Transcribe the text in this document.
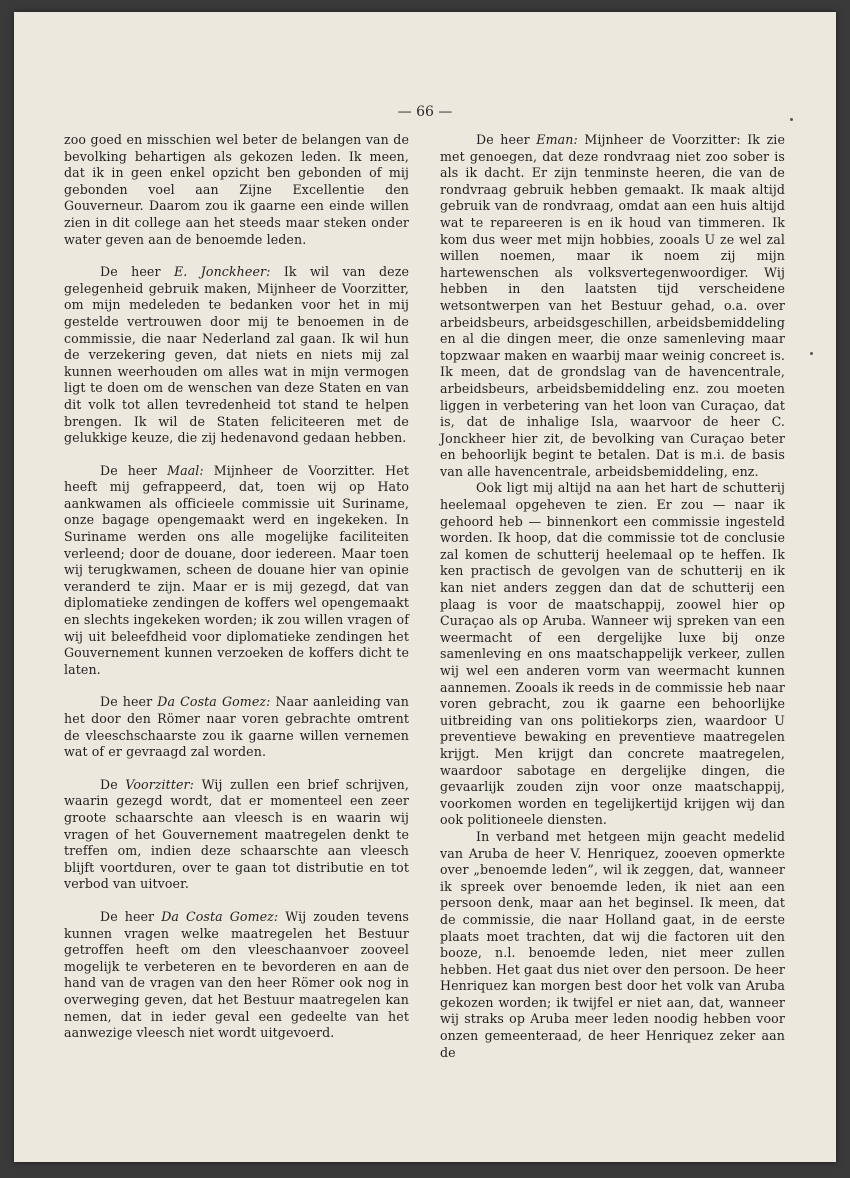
— 66 —

zoo goed en misschien wel beter de belangen van de bevolking behartigen als gekozen leden. Ik meen, dat ik in geen enkel opzicht ben gebonden of mij gebonden voel aan Zijne Excellentie den Gouverneur. Daarom zou ik gaarne een einde willen zien in dit college aan het steeds maar steken onder water geven aan de benoemde leden.

De heer E. Jonckheer: Ik wil van deze gelegenheid gebruik maken, Mijnheer de Voorzitter, om mijn medeleden te bedanken voor het in mij gestelde vertrouwen door mij te benoemen in de commissie, die naar Nederland zal gaan. Ik wil hun de verzekering geven, dat niets en niets mij zal kunnen weerhouden om alles wat in mijn vermogen ligt te doen om de wenschen van deze Staten en van dit volk tot allen tevredenheid tot stand te helpen brengen. Ik wil de Staten feliciteeren met de gelukkige keuze, die zij hedenavond gedaan hebben.

De heer Maal: Mijnheer de Voorzitter. Het heeft mij gefrappeerd, dat, toen wij op Hato aankwamen als officieele commissie uit Suriname, onze bagage opengemaakt werd en ingekeken. In Suriname werden ons alle mogelijke faciliteiten verleend; door de douane, door iedereen. Maar toen wij terugkwamen, scheen de douane hier van opinie veranderd te zijn. Maar er is mij gezegd, dat van diplomatieke zendingen de koffers wel opengemaakt en slechts ingekeken worden; ik zou willen vragen of wij uit beleefdheid voor diplomatieke zendingen het Gouvernement kunnen verzoeken de koffers dicht te laten.

De heer Da Costa Gomez: Naar aanleiding van het door den Römer naar voren gebrachte omtrent de vleeschschaarste zou ik gaarne willen vernemen wat of er gevraagd zal worden.

De Voorzitter: Wij zullen een brief schrijven, waarin gezegd wordt, dat er momenteel een zeer groote schaarschte aan vleesch is en waarin wij vragen of het Gouvernement maatregelen denkt te treffen om, indien deze schaarschte aan vleesch blijft voortduren, over te gaan tot distributie en tot verbod van uitvoer.

De heer Da Costa Gomez: Wij zouden tevens kunnen vragen welke maatregelen het Bestuur getroffen heeft om den vleeschaanvoer zooveel mogelijk te verbeteren en te bevorderen en aan de hand van de vragen van den heer Römer ook nog in overweging geven, dat het Bestuur maatregelen kan nemen, dat in ieder geval een gedeelte van het aanwezige vleesch niet wordt uitgevoerd.

De heer Eman: Mijnheer de Voorzitter: Ik zie met genoegen, dat deze rondvraag niet zoo sober is als ik dacht. Er zijn tenminste heeren, die van de rondvraag gebruik hebben gemaakt. Ik maak altijd gebruik van de rondvraag, omdat aan een huis altijd wat te repareeren is en ik houd van timmeren. Ik kom dus weer met mijn hobbies, zooals U ze wel zal willen noemen, maar ik noem zij mijn hartewenschen als volksvertegenwoordiger. Wij hebben in den laatsten tijd verscheidene wetsontwerpen van het Bestuur gehad, o.a. over arbeidsbeurs, arbeidsgeschillen, arbeidsbemiddeling en al die dingen meer, die onze samenleving maar topzwaar maken en waarbij maar weinig concreet is. Ik meen, dat de grondslag van de havencentrale, arbeidsbeurs, arbeidsbemiddeling enz. zou moeten liggen in verbetering van het loon van Curaçao, dat is, dat de inhalige Isla, waarvoor de heer C. Jonckheer hier zit, de bevolking van Curaçao beter en behoorlijk begint te betalen. Dat is m.i. de basis van alle havencentrale, arbeidsbemiddeling, enz.

Ook ligt mij altijd na aan het hart de schutterij heelemaal opgeheven te zien. Er zou — naar ik gehoord heb — binnenkort een commissie ingesteld worden. Ik hoop, dat die commissie tot de conclusie zal komen de schutterij heelemaal op te heffen. Ik ken practisch de gevolgen van de schutterij en ik kan niet anders zeggen dan dat de schutterij een plaag is voor de maatschappij, zoowel hier op Curaçao als op Aruba. Wanneer wij spreken van een weermacht of een dergelijke luxe bij onze samenleving en ons maatschappelijk verkeer, zullen wij wel een anderen vorm van weermacht kunnen aannemen. Zooals ik reeds in de commissie heb naar voren gebracht, zou ik gaarne een behoorlijke uitbreiding van ons politiekorps zien, waardoor U preventieve bewaking en preventieve maatregelen krijgt. Men krijgt dan concrete maatregelen, waardoor sabotage en dergelijke dingen, die gevaarlijk zouden zijn voor onze maatschappij, voorkomen worden en tegelijkertijd krijgen wij dan ook politioneele diensten.

In verband met hetgeen mijn geacht medelid van Aruba de heer V. Henriquez, zooeven opmerkte over „benoemde leden”, wil ik zeggen, dat, wanneer ik spreek over benoemde leden, ik niet aan een persoon denk, maar aan het beginsel. Ik meen, dat de commissie, die naar Holland gaat, in de eerste plaats moet trachten, dat wij die factoren uit den booze, n.l. benoemde leden, niet meer zullen hebben. Het gaat dus niet over den persoon. De heer Henriquez kan morgen best door het volk van Aruba gekozen worden; ik twijfel er niet aan, dat, wanneer wij straks op Aruba meer leden noodig hebben voor onzen gemeenteraad, de heer Henriquez zeker aan de
